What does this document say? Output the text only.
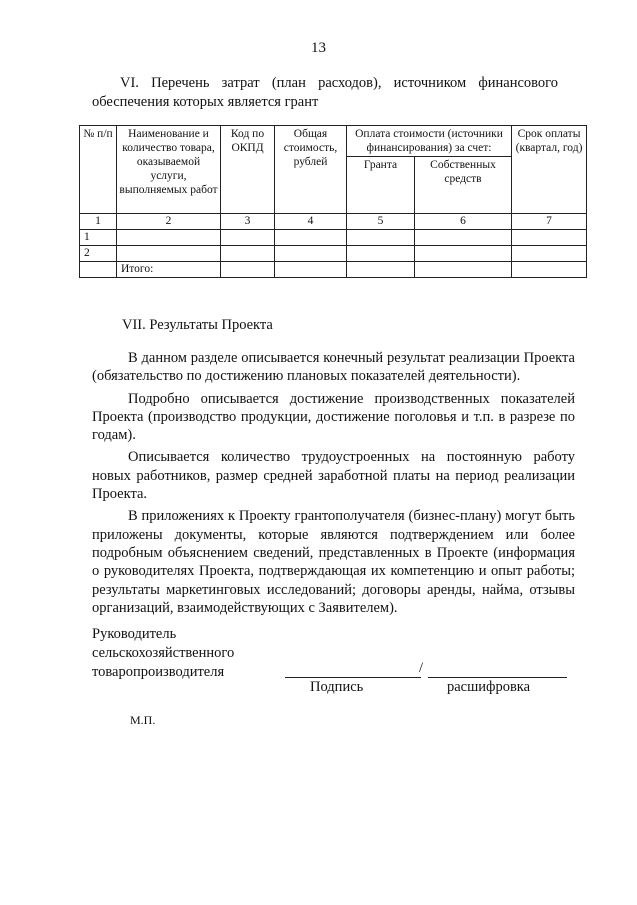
13
VI. Перечень затрат (план расходов), источником финансового
обеспечения которых является грант
№ п/п	Наименование и количество товара, оказываемой услуги, выполняемых работ	Код по ОКПД	Общая стоимость, рублей	Оплата стоимости (источники финансирования) за счет:		Срок оплаты (квартал, год)
				Гранта	Собственных средств	
1	2	3	4	5	6	7
1						
2						
	Итого:					
VII. Результаты Проекта

В данном разделе описывается конечный результат реализации Проекта (обязательство по достижению плановых показателей деятельности).

Подробно описывается достижение производственных показателей Проекта (производство продукции, достижение поголовья и т.п. в разрезе по годам).

Описывается количество трудоустроенных на постоянную работу новых работников, размер средней заработной платы на период реализации Проекта.

В приложениях к Проекту грантополучателя (бизнес-плану) могут быть приложены документы, которые являются подтверждением или более подробным объяснением сведений, представленных в Проекте (информация о руководителях Проекта, подтверждающая их компетенцию и опыт работы; результаты маркетинговых исследований; договоры аренды, найма, отзывы организаций, взаимодействующих с Заявителем).

Руководитель
сельскохозяйственного
товаропроизводителя	/
Подпись	расшифровка
М.П.
